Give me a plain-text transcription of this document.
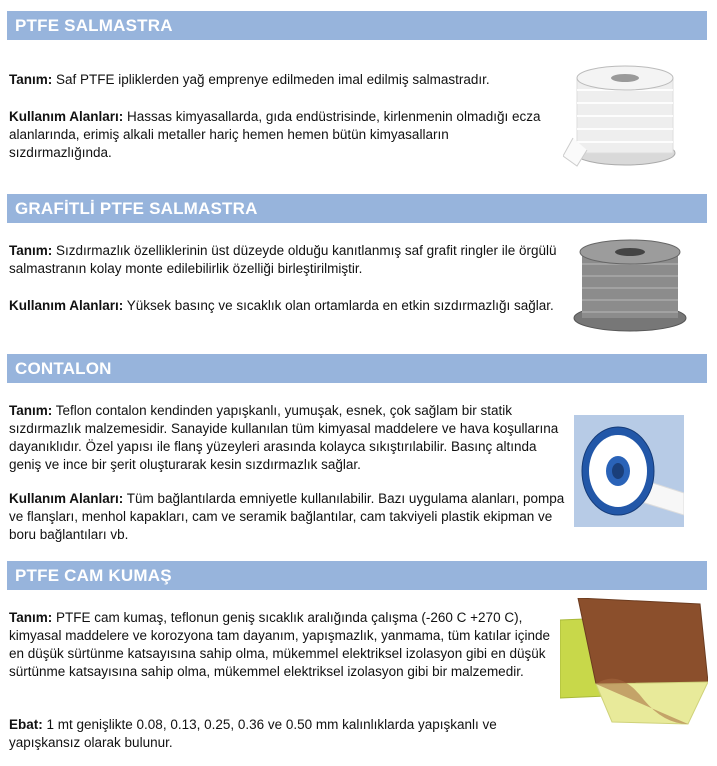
PTFE SALMASTRA
Tanım: Saf PTFE ipliklerden yağ emprenye edilmeden imal edilmiş salmastradır.
Kullanım Alanları: Hassas kimyasallarda, gıda endüstrisinde, kirlenmenin olmadığı ecza alanlarında, erimiş alkali metaller hariç hemen hemen bütün kimyasalların sızdırmazlığında.
GRAFİTLİ PTFE SALMASTRA
Tanım: Sızdırmazlık özelliklerinin üst düzeyde olduğu kanıtlanmış saf grafit ringler ile örgülü salmastranın kolay monte edilebilirlik özelliği birleştirilmiştir.
Kullanım Alanları: Yüksek basınç ve sıcaklık olan ortamlarda en etkin sızdırmazlığı sağlar.
CONTALON
Tanım: Teflon contalon kendinden yapışkanlı, yumuşak, esnek, çok sağlam bir statik sızdırmazlık malzemesidir. Sanayide kullanılan tüm kimyasal maddelere ve hava koşullarına dayanıklıdır. Özel yapısı ile flanş yüzeyleri arasında kolayca sıkıştırılabilir. Basınç altında geniş ve ince bir şerit oluşturarak kesin sızdırmazlık sağlar.
Kullanım Alanları: Tüm bağlantılarda emniyetle kullanılabilir. Bazı uygulama alanları, pompa ve flanşları, menhol kapakları, cam ve seramik bağlantılar, cam takviyeli plastik ekipman ve boru bağlantıları vb.
PTFE CAM KUMAŞ
Tanım: PTFE cam kumaş, teflonun geniş sıcaklık aralığında çalışma (-260 C +270 C), kimyasal maddelere ve korozyona tam dayanım, yapışmazlık, yanmama, tüm katılar içinde en düşük sürtünme katsayısına sahip olma, mükemmel elektriksel izolasyon gibi en düşük sürtünme katsayısına sahip olma, mükemmel elektriksel izolasyon gibi bir malzemedir.
Ebat: 1 mt genişlikte 0.08, 0.13, 0.25, 0.36 ve 0.50 mm kalınlıklarda yapışkanlı ve yapışkansız olarak bulunur.
